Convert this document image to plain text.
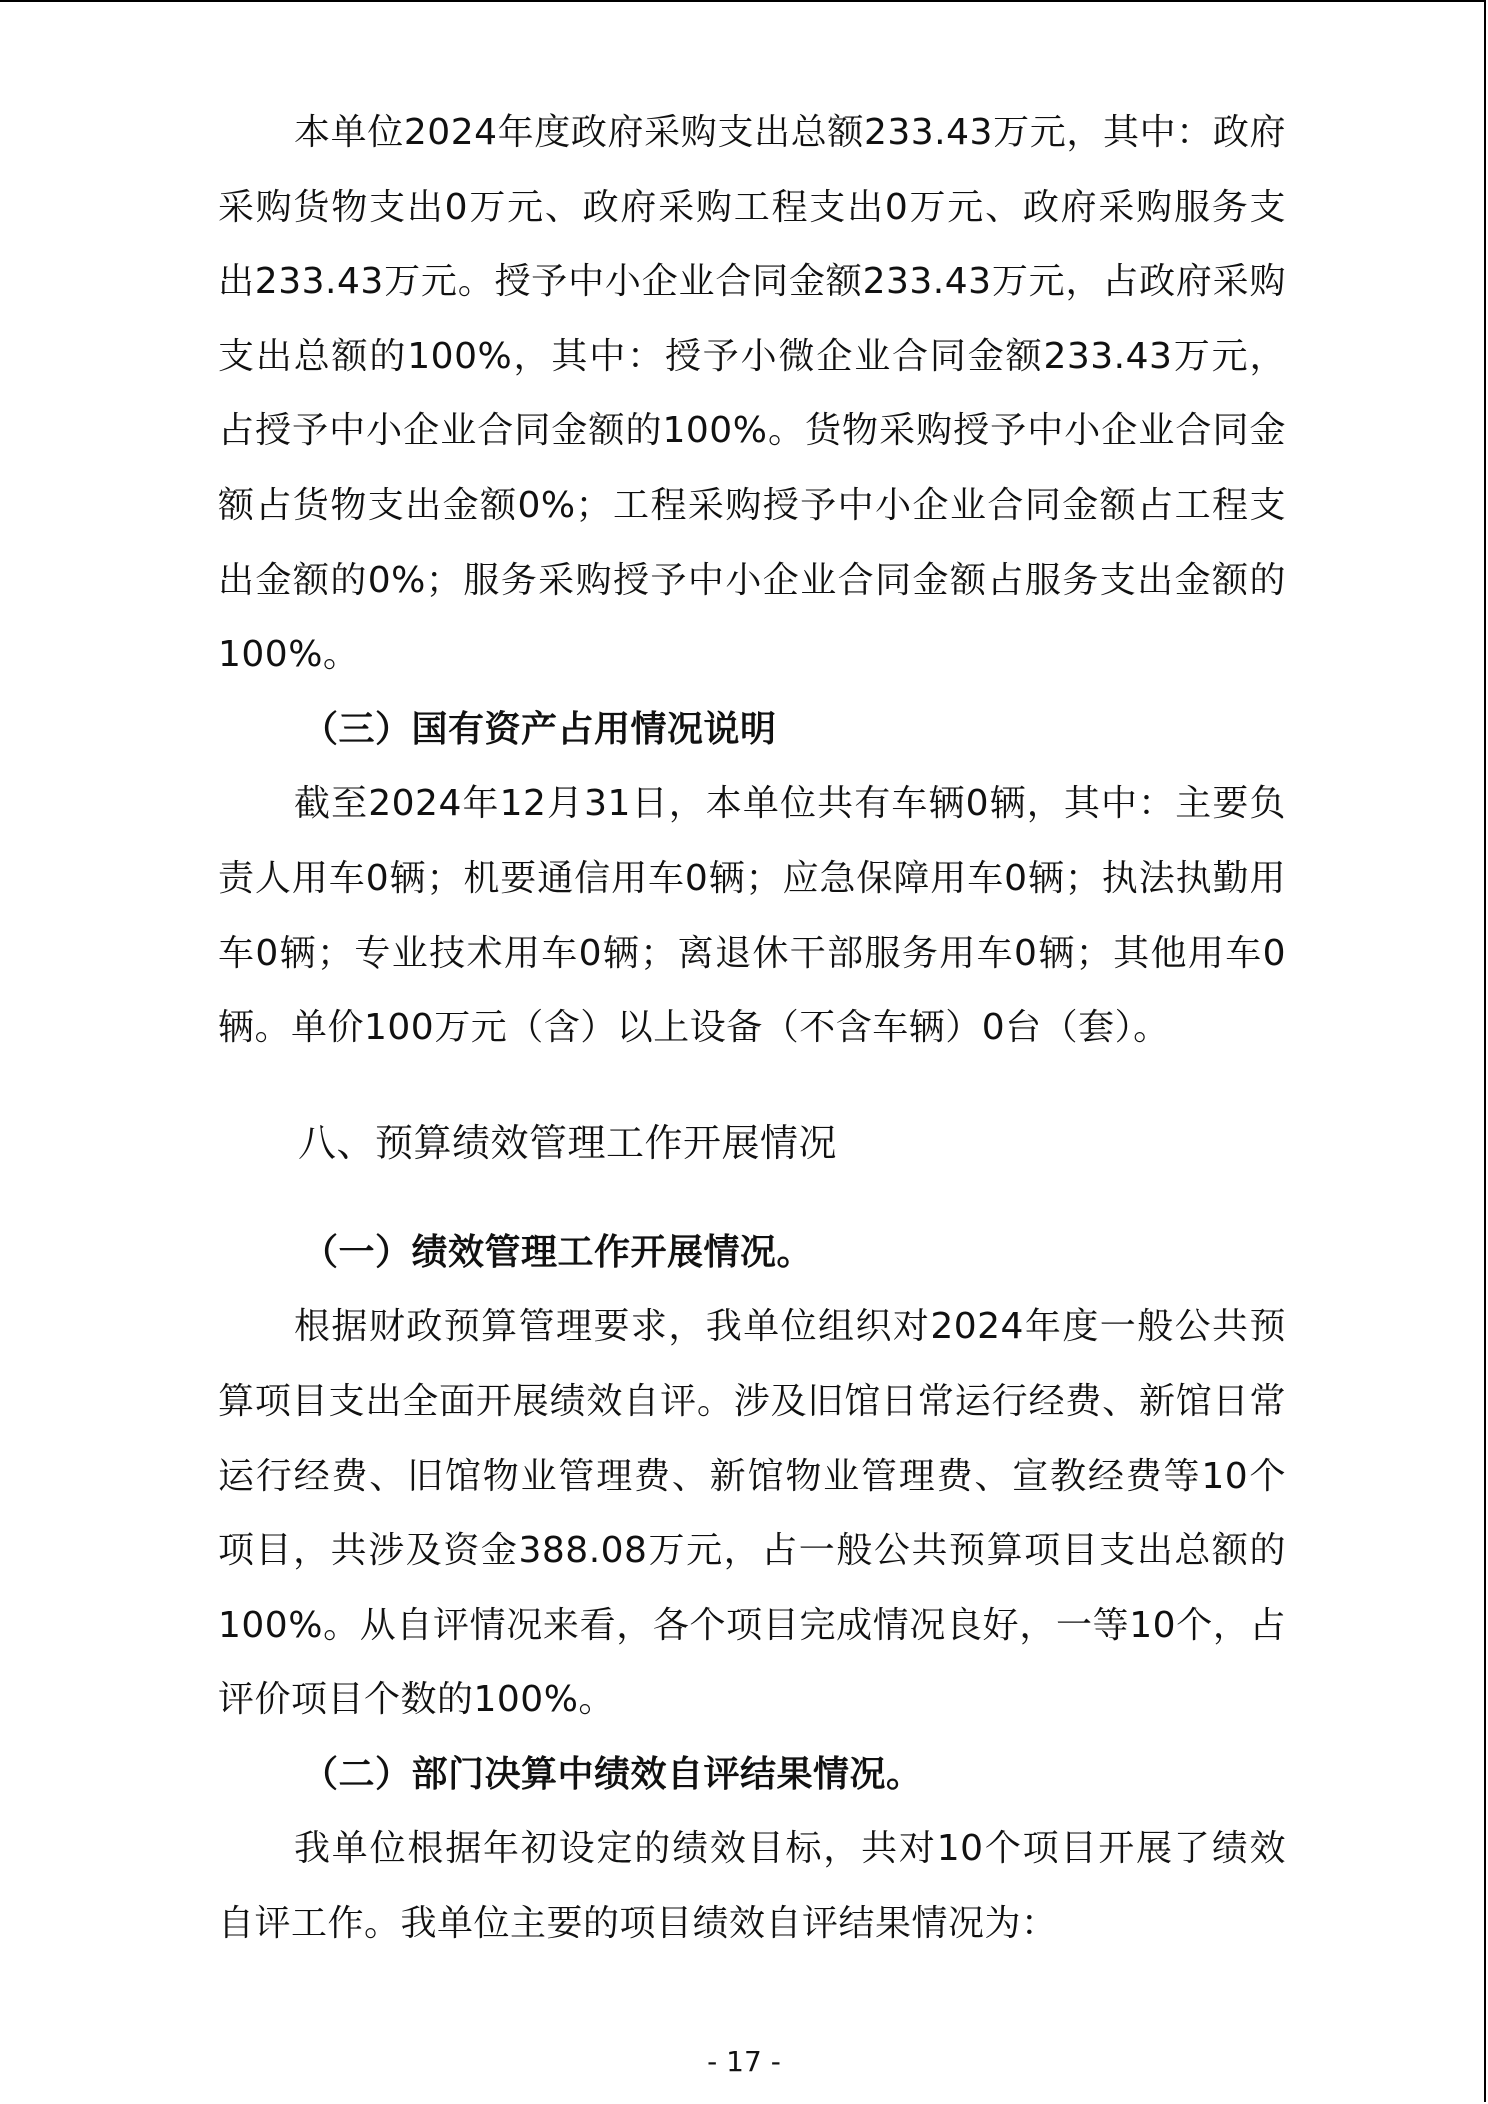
本单位2024年度政府采购支出总额233.43万元，其中：政府采购货物支出0万元、政府采购工程支出0万元、政府采购服务支出233.43万元。授予中小企业合同金额233.43万元，占政府采购支出总额的100%，其中：授予小微企业合同金额233.43万元，占授予中小企业合同金额的100%。货物采购授予中小企业合同金额占货物支出金额0%；工程采购授予中小企业合同金额占工程支出金额的0%；服务采购授予中小企业合同金额占服务支出金额的100%。

（三）国有资产占用情况说明

截至2024年12月31日，本单位共有车辆0辆，其中：主要负责人用车0辆；机要通信用车0辆；应急保障用车0辆；执法执勤用车0辆；专业技术用车0辆；离退休干部服务用车0辆；其他用车0辆。单价100万元（含）以上设备（不含车辆）0台（套）。

八、预算绩效管理工作开展情况

（一）绩效管理工作开展情况。

根据财政预算管理要求，我单位组织对2024年度一般公共预算项目支出全面开展绩效自评。涉及旧馆日常运行经费、新馆日常运行经费、旧馆物业管理费、新馆物业管理费、宣教经费等10个项目，共涉及资金388.08万元，占一般公共预算项目支出总额的100%。从自评情况来看，各个项目完成情况良好，一等10个，占评价项目个数的100%。

（二）部门决算中绩效自评结果情况。

我单位根据年初设定的绩效目标，共对10个项目开展了绩效自评工作。我单位主要的项目绩效自评结果情况为：

- 17 -
